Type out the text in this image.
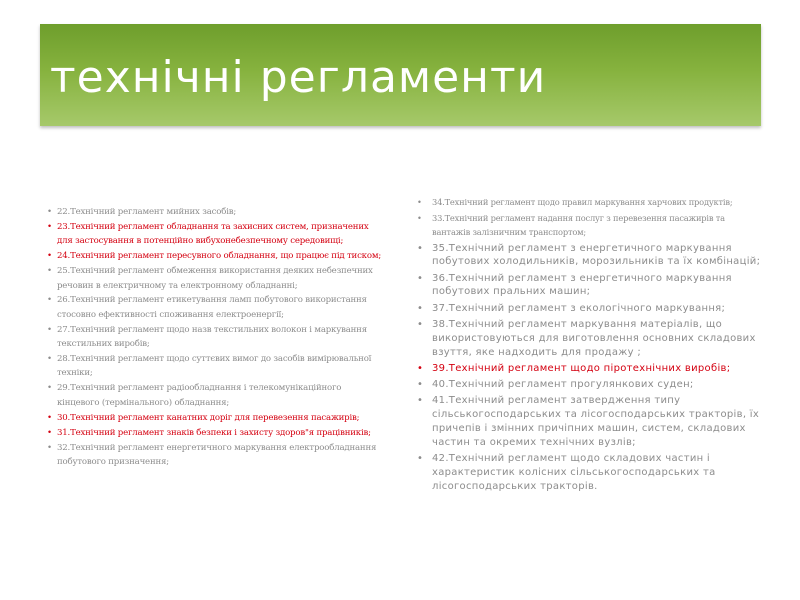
технічні регламенти
• 22.Технічний регламент мийних засобів;
• 23.Технічний регламент обладнання та захисних систем, призначених для застосування в потенційно вибухонебезпечному середовищі;
• 24.Технічний регламент пересувного обладнання, що працює під тиском;
• 25.Технічний регламент обмеження використання деяких небезпечних речовин в електричному та електронному обладнанні;
• 26.Технічний регламент етикетування ламп побутового використання стосовно ефективності споживання електроенергії;
• 27.Технічний регламент щодо назв текстильних волокон і маркування текстильних виробів;
• 28.Технічний регламент щодо суттєвих вимог до засобів вимірювальної техніки;
• 29.Технічний регламент радіообладнання і телекомунікаційного кінцевого (термінального) обладнання;
• 30.Технічний регламент канатних доріг для перевезення пасажирів;
• 31.Технічний регламент знаків безпеки і захисту здоров"я працівників;
• 32.Технічний регламент енергетичного маркування електрообладнання побутового призначення;
• 34.Технічний регламент щодо правил маркування харчових продуктів;
• 33.Технічний регламент надання послуг з перевезення пасажирів та вантажів залізничним транспортом;
• 35.Технічний регламент з енергетичного маркування побутових холодильників, морозильників та їх комбінацій;
• 36.Технічний регламент з енергетичного маркування побутових пральних машин;
• 37.Технічний регламент з екологічного маркування;
• 38.Технічний регламент маркування матеріалів, що використовуються для виготовлення основних складових взуття, яке надходить для продажу ;
• 39.Технічний регламент щодо піротехнічних виробів;
• 40.Технічний регламент прогулянкових суден;
• 41.Технічний регламент затвердження типу сільськогосподарських та лісогосподарських тракторів, їх причепів і змінних причіпних машин, систем, складових частин та окремих технічних вузлів;
• 42.Технічний регламент щодо складових частин і характеристик колісних сільськогосподарських та лісогосподарських тракторів.
